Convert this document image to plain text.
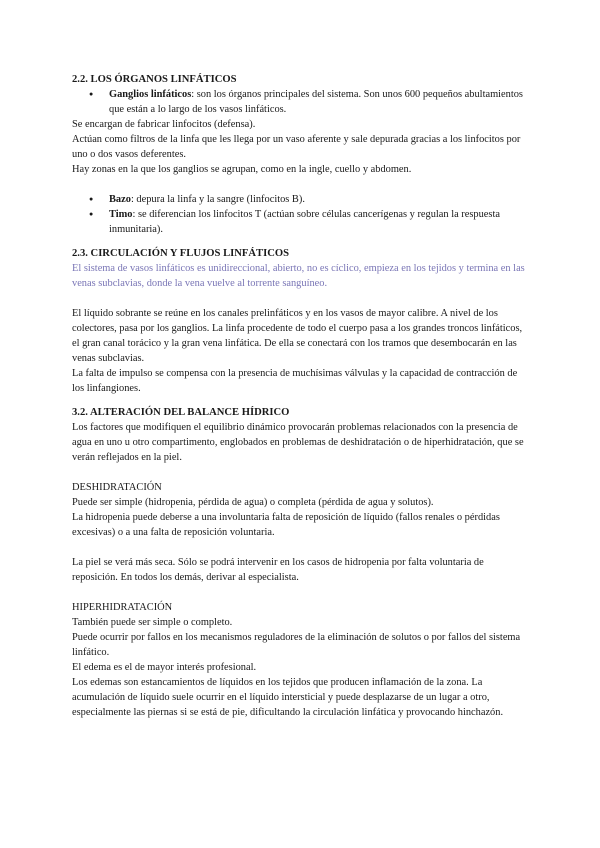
2.2. LOS ÓRGANOS LINFÁTICOS
● Ganglios linfáticos: son los órganos principales del sistema. Son unos 600 pequeños abultamientos que están a lo largo de los vasos linfáticos.

Se encargan de fabricar linfocitos (defensa).

Actúan como filtros de la linfa que les llega por un vaso aferente y sale depurada gracias a los linfocitos por uno o dos vasos deferentes.

Hay zonas en la que los ganglios se agrupan, como en la ingle, cuello y abdomen.

● Bazo: depura la linfa y la sangre (linfocitos B).
● Timo: se diferencian los linfocitos T (actúan sobre células cancerígenas y regulan la respuesta inmunitaria).
2.3. CIRCULACIÓN Y FLUJOS LINFÁTICOS

El sistema de vasos linfáticos es unidireccional, abierto, no es cíclico, empieza en los tejidos y termina en las venas subclavias, donde la vena vuelve al torrente sanguíneo.

El líquido sobrante se reúne en los canales prelinfáticos y en los vasos de mayor calibre. A nivel de los colectores, pasa por los ganglios. La linfa procedente de todo el cuerpo pasa a los grandes troncos linfáticos, el gran canal torácico y la gran vena linfática. De ella se conectará con los tramos que desembocarán en las venas subclavias.

La falta de impulso se compensa con la presencia de muchísimas válvulas y la capacidad de contracción de los linfangiones.

3.2. ALTERACIÓN DEL BALANCE HÍDRICO

Los factores que modifiquen el equilibrio dinámico provocarán problemas relacionados con la presencia de agua en uno u otro compartimento, englobados en problemas de deshidratación o de hiperhidratación, que se verán reflejados en la piel.

DESHIDRATACIÓN

Puede ser simple (hidropenia, pérdida de agua) o completa (pérdida de agua y solutos).

La hidropenia puede deberse a una involuntaria falta de reposición de líquido (fallos renales o pérdidas excesivas) o a una falta de reposición voluntaria.

La piel se verá más seca. Sólo se podrá intervenir en los casos de hidropenia por falta voluntaria de reposición. En todos los demás, derivar al especialista.

HIPERHIDRATACIÓN

También puede ser simple o completo.

Puede ocurrir por fallos en los mecanismos reguladores de la eliminación de solutos o por fallos del sistema linfático.

El edema es el de mayor interés profesional.

Los edemas son estancamientos de líquidos en los tejidos que producen inflamación de la zona. La acumulación de líquido suele ocurrir en el líquido intersticial y puede desplazarse de un lugar a otro, especialmente las piernas si se está de pie, dificultando la circulación linfática y provocando hinchazón.
